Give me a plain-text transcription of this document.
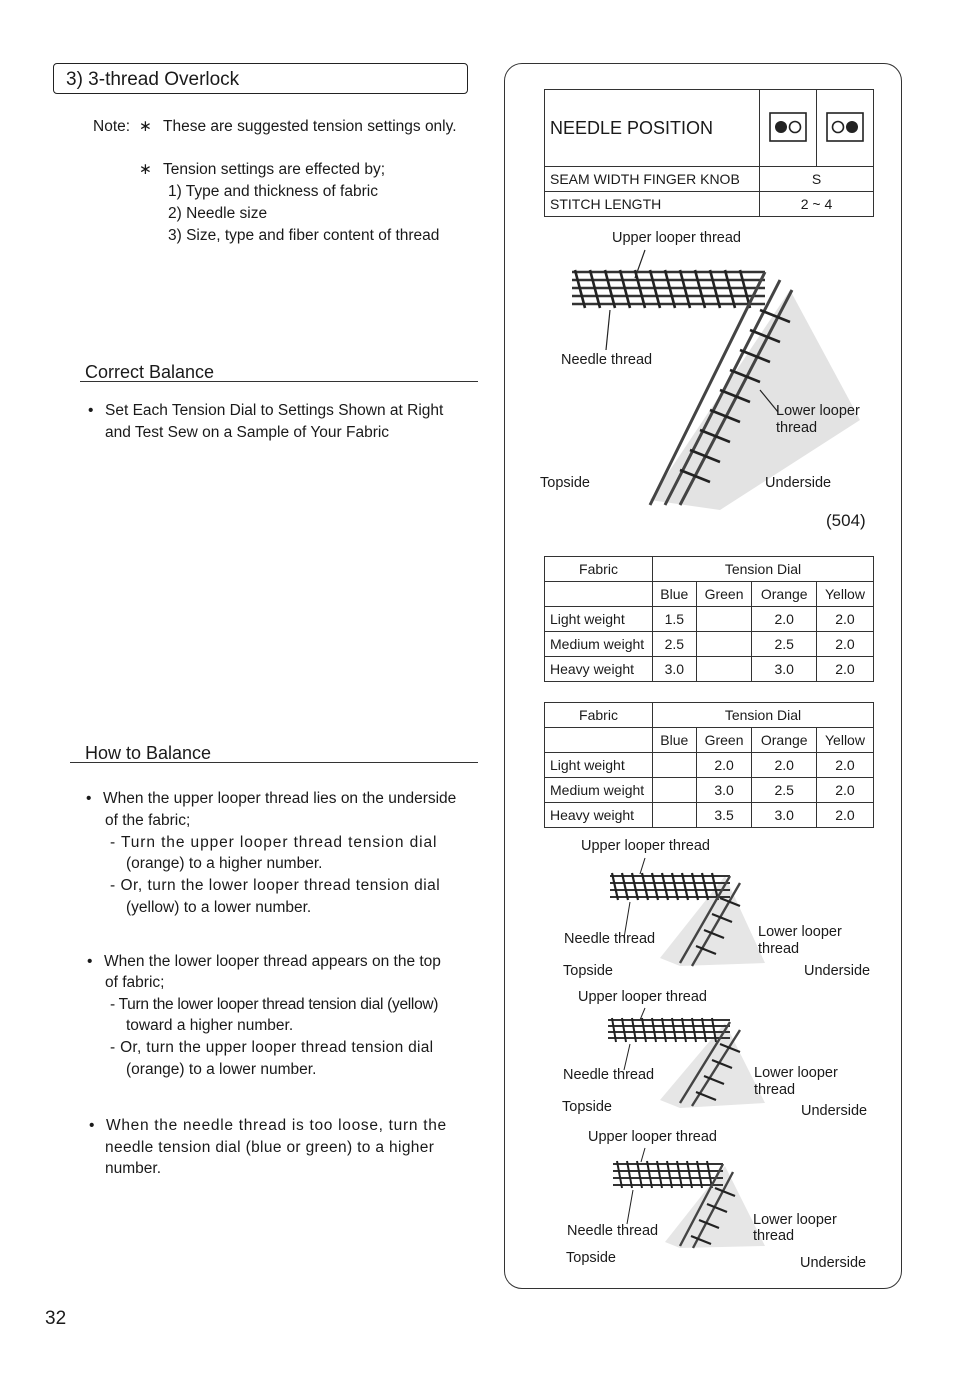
3) 3-thread Overlock
Note: ∗ These are suggested tension settings only.
∗ Tension settings are effected by;
1) Type and thickness of fabric
2) Needle size
3) Size, type and fiber content of thread
Correct Balance
• Set Each Tension Dial to Settings Shown at Right
and Test Sew on a Sample of Your Fabric
How to Balance
• When the upper looper thread lies on the underside
of the fabric;
- Turn the upper looper thread tension dial
(orange) to a higher number.
- Or, turn the lower looper thread tension dial
(yellow) to a lower number.
• When the lower looper thread appears on the top
of fabric;
- Turn the lower looper thread tension dial (yellow)
toward a higher number.
- Or, turn the upper looper thread tension dial
(orange) to a lower number.
• When the needle thread is too loose, turn the
needle tension dial (blue or green) to a higher
number.
32
NEEDLE POSITION		
SEAM WIDTH FINGER KNOB	S	
STITCH LENGTH	2 ~ 4	
Upper looper thread
Needle thread
Lower looper
thread
Topside	Underside
(504)
Fabric	Tension Dial			
	Blue	Green	Orange	Yellow
Light weight	1.5		2.0	2.0
Medium weight	2.5		2.5	2.0
Heavy weight	3.0		3.0	2.0
Fabric	Tension Dial			
	Blue	Green	Orange	Yellow
Light weight		2.0	2.0	2.0
Medium weight		3.0	2.5	2.0
Heavy weight		3.5	3.0	2.0
Upper looper thread
Needle thread	Lower looper
thread
Topside	Underside
Upper looper thread
Needle thread	Lower looper
thread
Topside	Underside
Upper looper thread
Needle thread
Lower looper
thread
Topside	Underside
